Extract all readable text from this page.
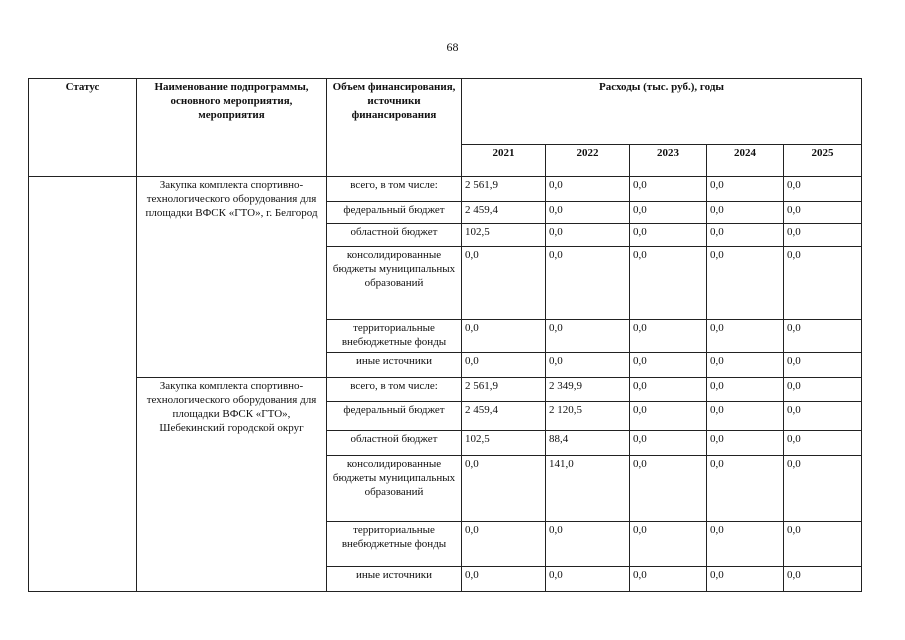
68
Статус	Наименование подпрограммы, основного мероприятия, мероприятия	Объем финансирования, источники финансирования	Расходы (тыс. руб.), годы				
			2021	2022	2023	2024	2025
	Закупка комплекта спортивно-технологического оборудования для площадки ВФСК «ГТО», г. Белгород	всего, в том числе:	2 561,9	0,0	0,0	0,0	0,0
		федеральный бюджет	2 459,4	0,0	0,0	0,0	0,0
		областной бюджет	102,5	0,0	0,0	0,0	0,0
		консолидированные бюджеты муниципальных образований	0,0	0,0	0,0	0,0	0,0
		территориальные внебюджетные фонды	0,0	0,0	0,0	0,0	0,0
		иные источники	0,0	0,0	0,0	0,0	0,0
	Закупка комплекта спортивно-технологического оборудования для площадки ВФСК «ГТО», Шебекинский городской округ	всего, в том числе:	2 561,9	2 349,9	0,0	0,0	0,0
		федеральный бюджет	2 459,4	2 120,5	0,0	0,0	0,0
		областной бюджет	102,5	88,4	0,0	0,0	0,0
		консолидированные бюджеты муниципальных образований	0,0	141,0	0,0	0,0	0,0
		территориальные внебюджетные фонды	0,0	0,0	0,0	0,0	0,0
		иные источники	0,0	0,0	0,0	0,0	0,0
